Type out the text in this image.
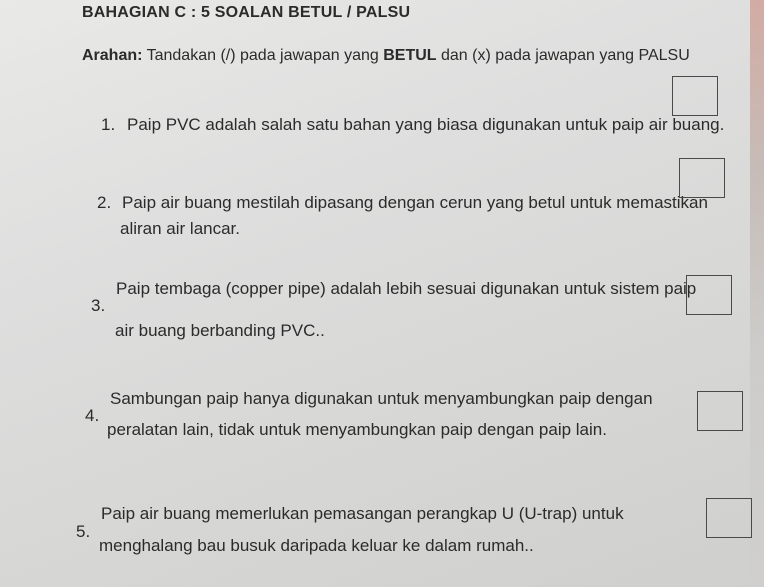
BAHAGIAN C : 5 SOALAN BETUL / PALSU
Arahan: Tandakan (/) pada jawapan yang BETUL dan (x) pada jawapan yang PALSU
1. Paip PVC adalah salah satu bahan yang biasa digunakan untuk paip air buang.
2. Paip air buang mestilah dipasang dengan cerun yang betul untuk memastikan
aliran air lancar.
3.
Paip tembaga (copper pipe) adalah lebih sesuai digunakan untuk sistem paip
air buang berbanding PVC..
4.
Sambungan paip hanya digunakan untuk menyambungkan paip dengan
peralatan lain, tidak untuk menyambungkan paip dengan paip lain.
5.
Paip air buang memerlukan pemasangan perangkap U (U-trap) untuk
menghalang bau busuk daripada keluar ke dalam rumah..
